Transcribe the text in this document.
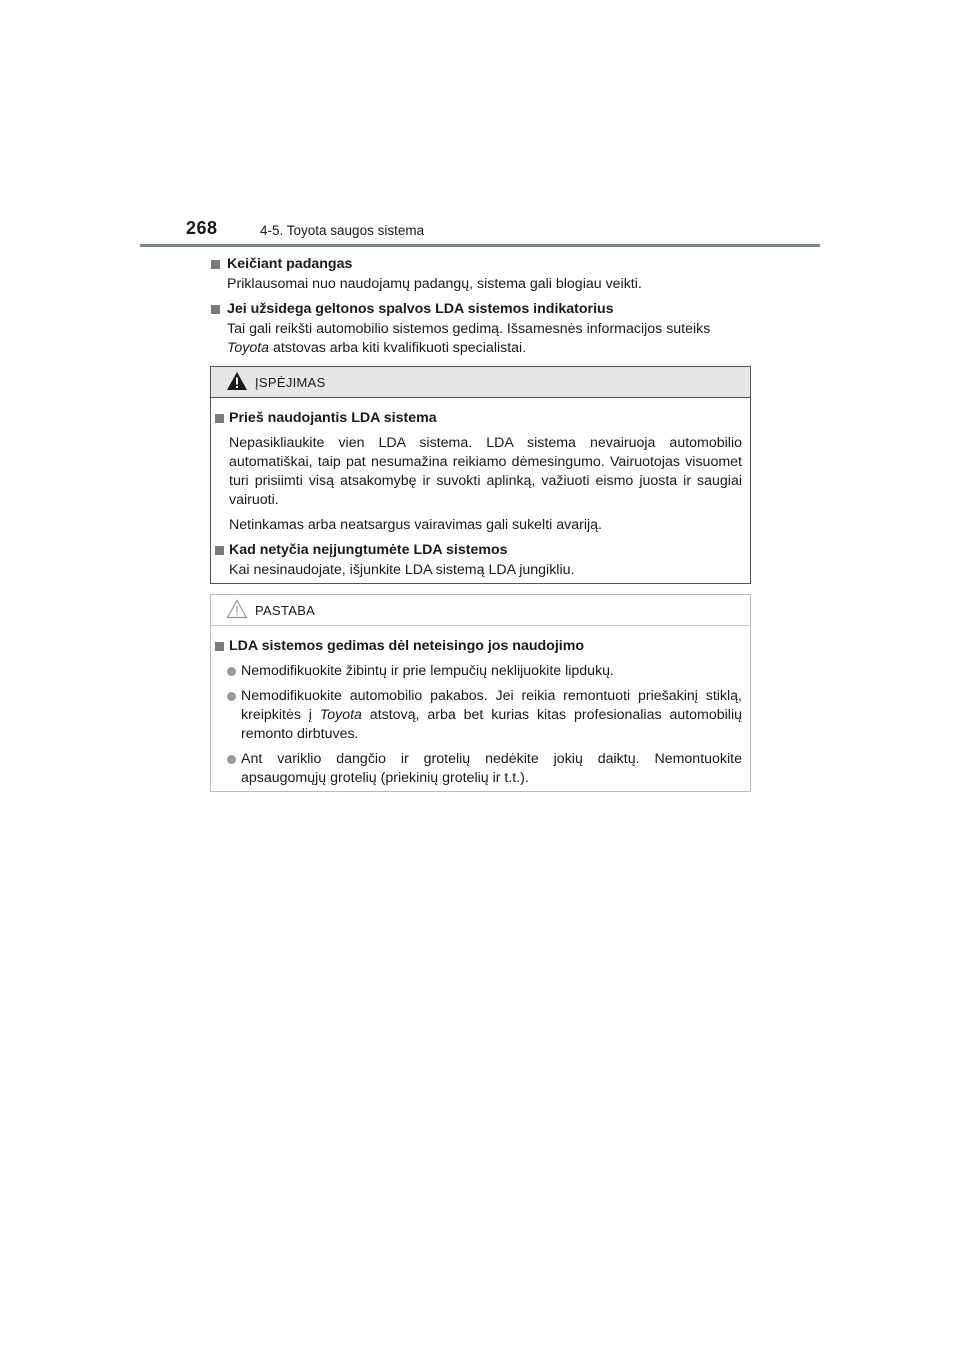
268	4-5. Toyota saugos sistema
Keičiant padangas
Priklausomai nuo naudojamų padangų, sistema gali blogiau veikti.
Jei užsidega geltonos spalvos LDA sistemos indikatorius
Tai gali reikšti automobilio sistemos gedimą. Išsamesnės informacijos suteiks
Toyota atstovas arba kiti kvalifikuoti specialistai.
ĮSPĖJIMAS
Prieš naudojantis LDA sistema
Nepasikliaukite vien LDA sistema. LDA sistema nevairuoja automobilio automatiškai, taip pat nesumažina reikiamo dėmesingumo. Vairuotojas visuomet turi prisiimti visą atsakomybę ir suvokti aplinką, važiuoti eismo juosta ir saugiai vairuoti.
Netinkamas arba neatsargus vairavimas gali sukelti avariją.
Kad netyčia neįjungtumėte LDA sistemos
Kai nesinaudojate, išjunkite LDA sistemą LDA jungikliu.
PASTABA
LDA sistemos gedimas dėl neteisingo jos naudojimo
Nemodifikuokite žibintų ir prie lempučių neklijuokite lipdukų.
Nemodifikuokite automobilio pakabos. Jei reikia remontuoti priešakinį stiklą, kreipkitės į Toyota atstovą, arba bet kurias kitas profesionalias automobilių remonto dirbtuves.
Ant variklio dangčio ir grotelių nedėkite jokių daiktų. Nemontuokite apsaugomųjų grotelių (priekinių grotelių ir t.t.).
